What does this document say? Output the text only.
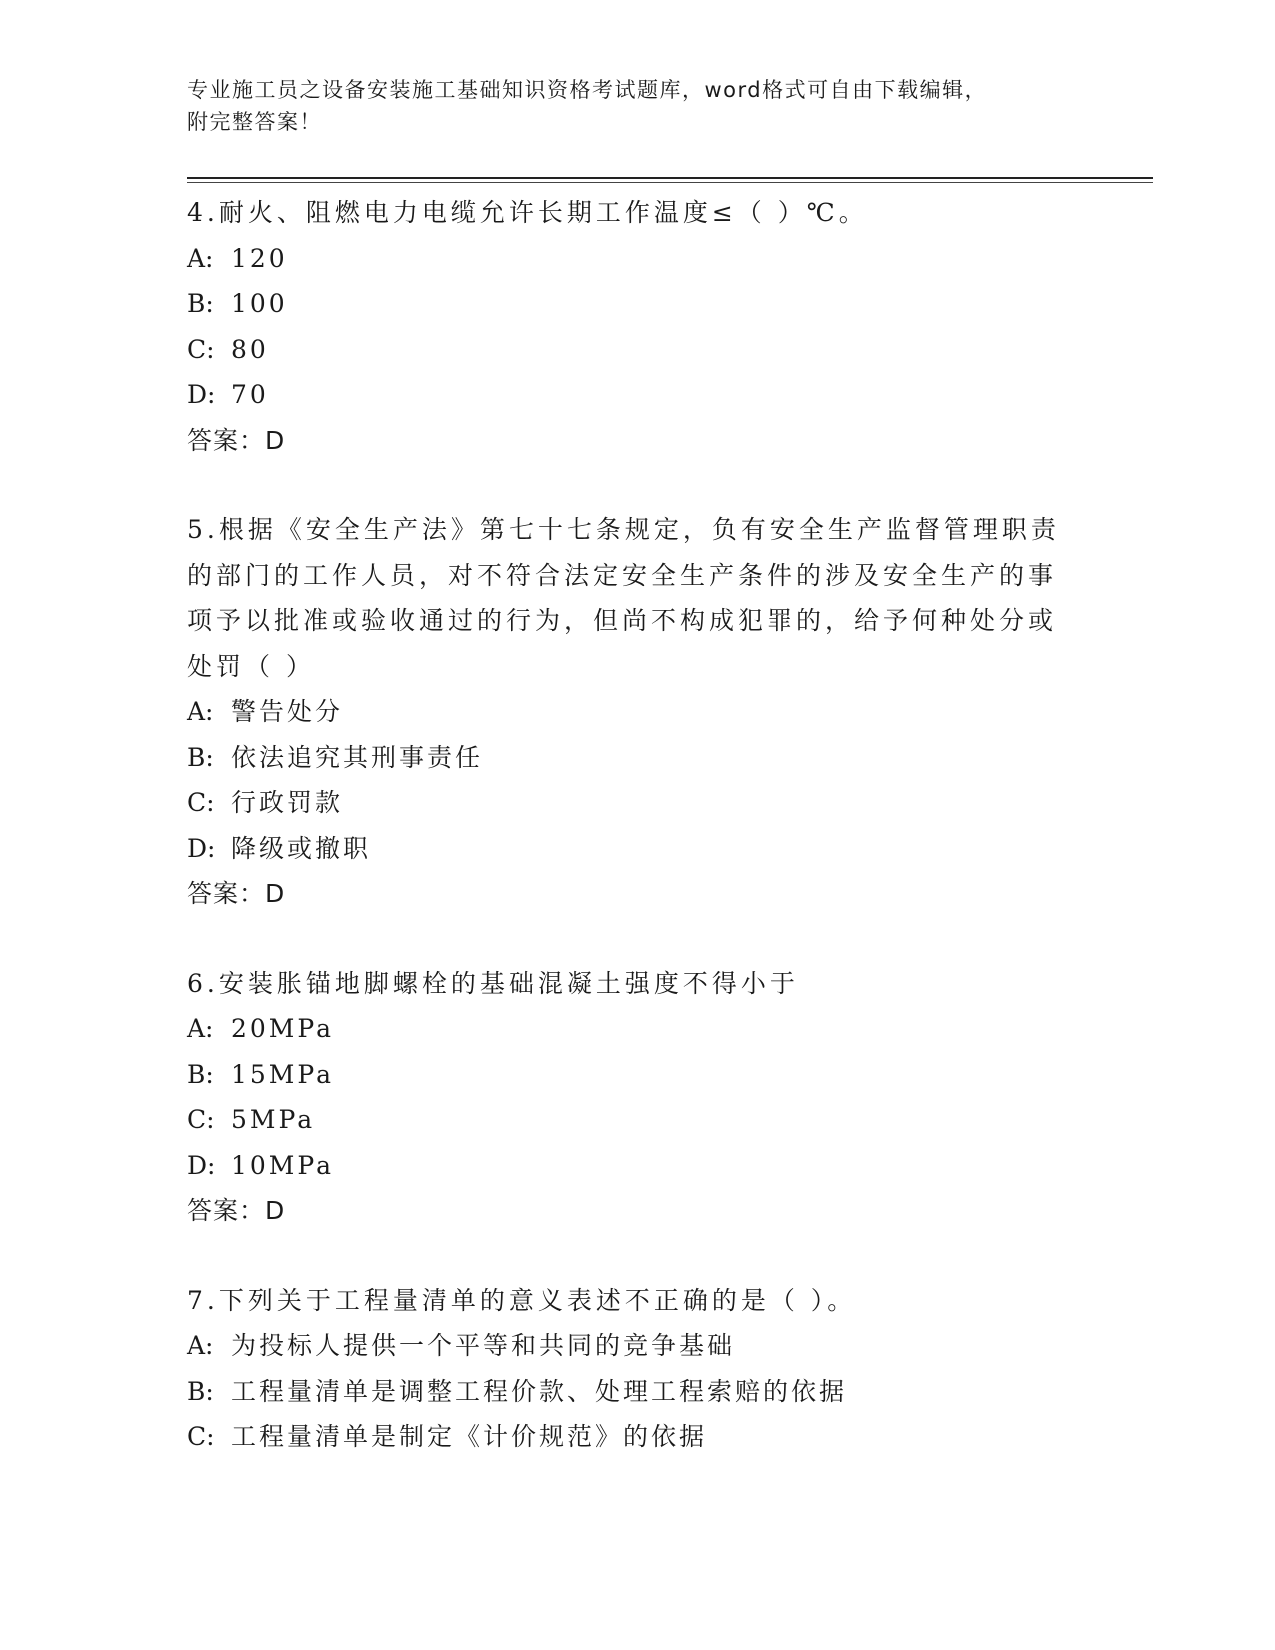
专业施工员之设备安装施工基础知识资格考试题库，word格式可自由下载编辑，
附完整答案！
4.耐火、阻燃电力电缆允许长期工作温度≤（ ）℃。
A: 120
B: 100
C: 80
D: 70
答案：D
5.根据《安全生产法》第七十七条规定，负有安全生产监督管理职责
的部门的工作人员，对不符合法定安全生产条件的涉及安全生产的事
项予以批准或验收通过的行为，但尚不构成犯罪的，给予何种处分或
处罚（ ）
A: 警告处分
B: 依法追究其刑事责任
C: 行政罚款
D: 降级或撤职
答案：D
6.安装胀锚地脚螺栓的基础混凝土强度不得小于
A: 20MPa
B: 15MPa
C: 5MPa
D: 10MPa
答案：D
7.下列关于工程量清单的意义表述不正确的是（ ）。
A: 为投标人提供一个平等和共同的竞争基础
B: 工程量清单是调整工程价款、处理工程索赔的依据
C: 工程量清单是制定《计价规范》的依据
